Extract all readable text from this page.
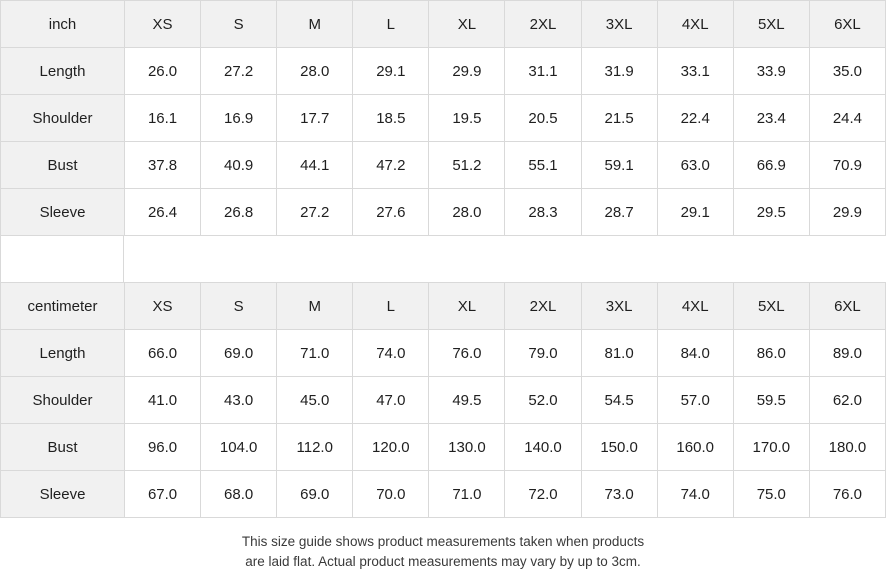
inch	XS	S	M	L	XL	2XL	3XL	4XL	5XL	6XL
Length	26.0	27.2	28.0	29.1	29.9	31.1	31.9	33.1	33.9	35.0
Shoulder	16.1	16.9	17.7	18.5	19.5	20.5	21.5	22.4	23.4	24.4
Bust	37.8	40.9	44.1	47.2	51.2	55.1	59.1	63.0	66.9	70.9
Sleeve	26.4	26.8	27.2	27.6	28.0	28.3	28.7	29.1	29.5	29.9
centimeter	XS	S	M	L	XL	2XL	3XL	4XL	5XL	6XL
Length	66.0	69.0	71.0	74.0	76.0	79.0	81.0	84.0	86.0	89.0
Shoulder	41.0	43.0	45.0	47.0	49.5	52.0	54.5	57.0	59.5	62.0
Bust	96.0	104.0	112.0	120.0	130.0	140.0	150.0	160.0	170.0	180.0
Sleeve	67.0	68.0	69.0	70.0	71.0	72.0	73.0	74.0	75.0	76.0
This size guide shows product measurements taken when products
are laid flat. Actual product measurements may vary by up to 3cm.
